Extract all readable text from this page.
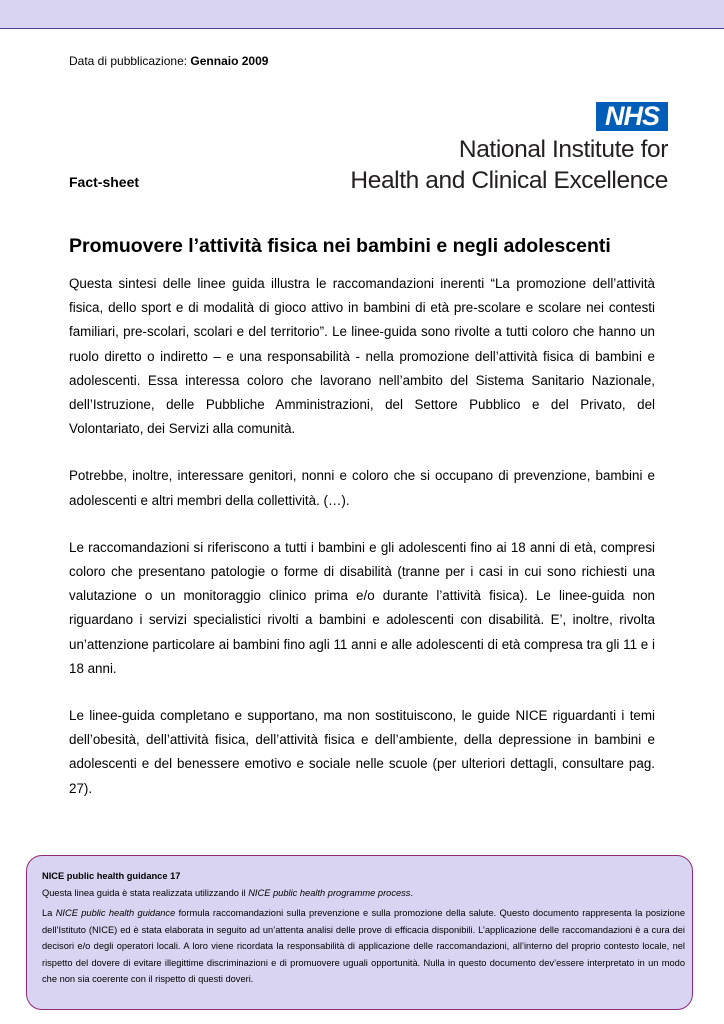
Data di pubblicazione: Gennaio 2009
NHS
National Institute for
Health and Clinical Excellence
Fact-sheet
Promuovere l’attività fisica nei bambini e negli adolescenti

Questa sintesi delle linee guida illustra le raccomandazioni inerenti “La promozione dell’attività fisica, dello sport e di modalità di gioco attivo in bambini di età pre-scolare e scolare nei contesti familiari, pre-scolari, scolari e del territorio”. Le linee-guida sono rivolte a tutti coloro che hanno un ruolo diretto o indiretto – e una responsabilità - nella promozione dell’attività fisica di bambini e adolescenti. Essa interessa coloro che lavorano nell’ambito del Sistema Sanitario Nazionale, dell’Istruzione, delle Pubbliche Amministrazioni, del Settore Pubblico e del Privato, del Volontariato, dei Servizi alla comunità.

Potrebbe, inoltre, interessare genitori, nonni e coloro che si occupano di prevenzione, bambini e adolescenti e altri membri della collettività. (…).

Le raccomandazioni si riferiscono a tutti i bambini e gli adolescenti fino ai 18 anni di età, compresi coloro che presentano patologie o forme di disabilità (tranne per i casi in cui sono richiesti una valutazione o un monitoraggio clinico prima e/o durante l’attività fisica). Le linee-guida non riguardano i servizi specialistici rivolti a bambini e adolescenti con disabilità. E’, inoltre, rivolta un’attenzione particolare ai bambini fino agli 11 anni e alle adolescenti di età compresa tra gli 11 e i 18 anni.

Le linee-guida completano e supportano, ma non sostituiscono, le guide NICE riguardanti i temi dell’obesità, dell’attività fisica, dell’attività fisica e dell’ambiente, della depressione in bambini e adolescenti e del benessere emotivo e sociale nelle scuole (per ulteriori dettagli, consultare pag. 27).

NICE public health guidance 17
Questa linea guida è stata realizzata utilizzando il NICE public health programme process.
La NICE public health guidance formula raccomandazioni sulla prevenzione e sulla promozione della salute. Questo documento rappresenta la posizione dell’Istituto (NICE) ed è stata elaborata in seguito ad un’attenta analisi delle prove di efficacia disponibili. L’applicazione delle raccomandazioni è a cura dei decisori e/o degli operatori locali. A loro viene ricordata la responsabilità di applicazione delle raccomandazioni, all’interno del proprio contesto locale, nel rispetto del dovere di evitare illegittime discriminazioni e di promuovere uguali opportunità. Nulla in questo documento dev’essere interpretato in un modo che non sia coerente con il rispetto di questi doveri.
